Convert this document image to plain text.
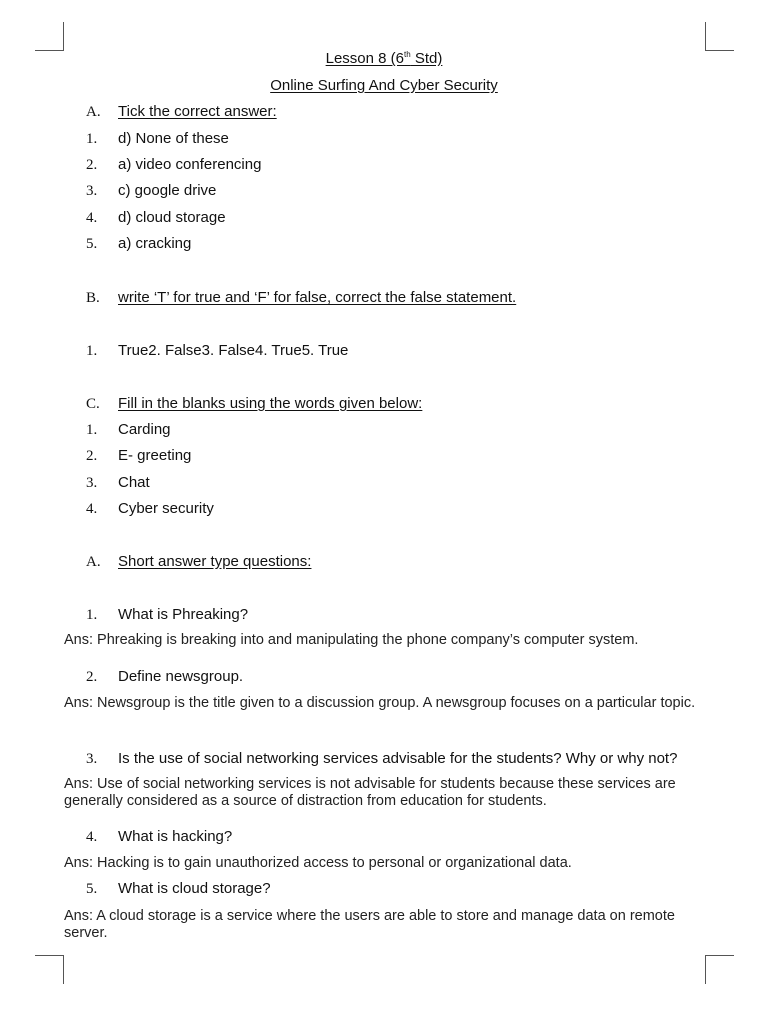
Lesson 8 (6th Std)
Online Surfing And Cyber Security
A. Tick the correct answer:
1. d) None of these
2. a) video conferencing
3. c) google drive
4. d) cloud storage
5. a) cracking
B. write ‘T’ for true and ‘F’ for false, correct the false statement.
1. True2. False3. False4. True5. True
C. Fill in the blanks using the words given below:
1. Carding
2. E- greeting
3. Chat
4. Cyber security
A. Short answer type questions:
1. What is Phreaking?
Ans: Phreaking is breaking into and manipulating the phone company’s computer system.
2. Define newsgroup.
Ans: Newsgroup is the title given to a discussion group. A newsgroup focuses on a particular topic.
3. Is the use of social networking services advisable for the students? Why or why not?
Ans: Use of social networking services is not advisable for students because these services are generally considered as a source of distraction from education for students.
4. What is hacking?
Ans: Hacking is to gain unauthorized access to personal or organizational data.
5. What is cloud storage?
Ans: A cloud storage is a service where the users are able to store and manage data on remote server.
